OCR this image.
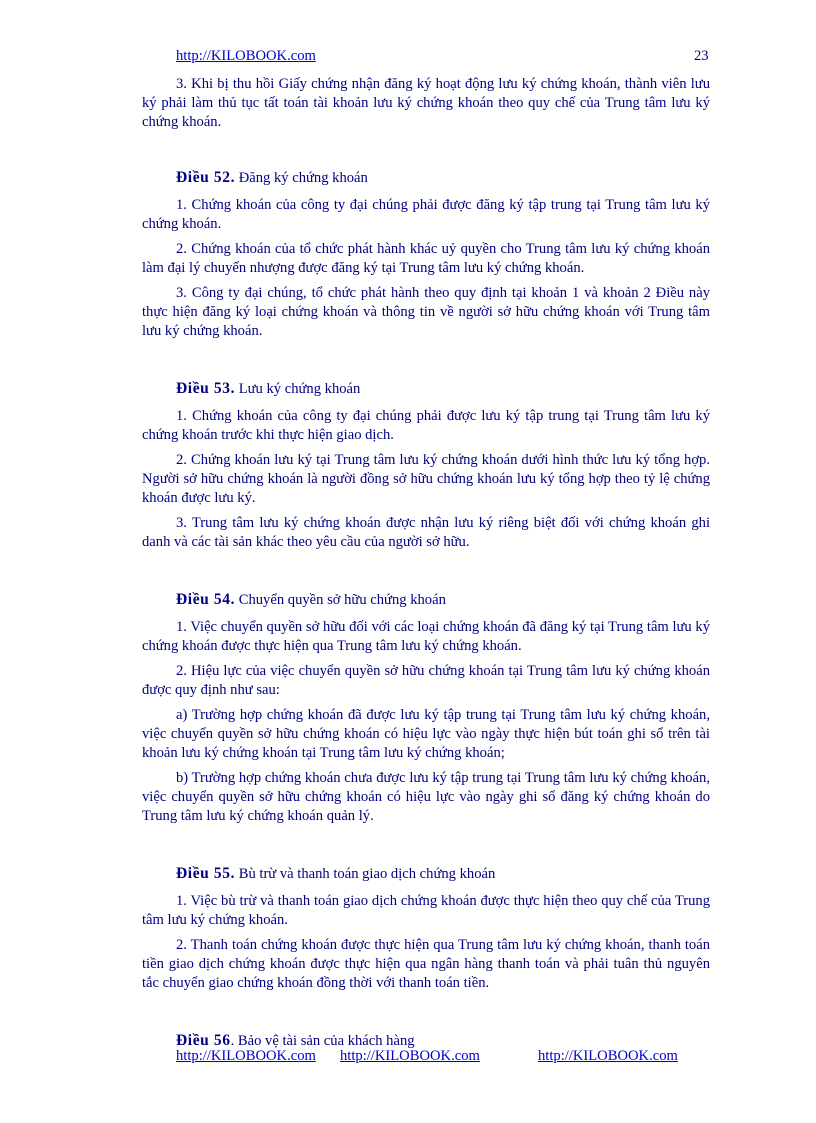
http://KILOBOOK.com	23

3. Khi bị thu hồi Giấy chứng nhận đăng ký hoạt động lưu ký chứng khoán, thành viên lưu ký phải làm thủ tục tất toán tài khoản lưu ký chứng khoán theo quy chế của Trung tâm lưu ký chứng khoán.

Điều 52. Đăng ký chứng khoán

1. Chứng khoán của công ty đại chúng phải được đăng ký tập trung tại Trung tâm lưu ký chứng khoán.

2. Chứng khoán của tổ chức phát hành khác uỷ quyền cho Trung tâm lưu ký chứng khoán làm đại lý chuyển nhượng được đăng ký tại Trung tâm lưu ký chứng khoán.

3. Công ty đại chúng, tổ chức phát hành theo quy định tại khoản 1 và khoản 2 Điều này thực hiện đăng ký loại chứng khoán và thông tin về người sở hữu chứng khoán với Trung tâm lưu ký chứng khoán.

Điều 53. Lưu ký chứng khoán

1. Chứng khoán của công ty đại chúng phải được lưu ký tập trung tại Trung tâm lưu ký chứng khoán trước khi thực hiện giao dịch.

2. Chứng khoán lưu ký tại Trung tâm lưu ký chứng khoán dưới hình thức lưu ký tổng hợp. Người sở hữu chứng khoán là người đồng sở hữu chứng khoán lưu ký tổng hợp theo tỷ lệ chứng khoán được lưu ký.

3. Trung tâm lưu ký chứng khoán được nhận lưu ký riêng biệt đối với chứng khoán ghi danh và các tài sản khác theo yêu cầu của người sở hữu.

Điều 54. Chuyển quyền sở hữu chứng khoán

1. Việc chuyển quyền sở hữu đối với các loại chứng khoán đã đăng ký tại Trung tâm lưu ký chứng khoán được thực hiện qua Trung tâm lưu ký chứng khoán.

2. Hiệu lực của việc chuyển quyền sở hữu chứng khoán tại Trung tâm lưu ký chứng khoán được quy định như sau:

a) Trường hợp chứng khoán đã được lưu ký tập trung tại Trung tâm lưu ký chứng khoán, việc chuyển quyền sở hữu chứng khoán có hiệu lực vào ngày thực hiện bút toán ghi sổ trên tài khoản lưu ký chứng khoán tại Trung tâm lưu ký chứng khoán;

b) Trường hợp chứng khoán chưa được lưu ký tập trung tại Trung tâm lưu ký chứng khoán, việc chuyển quyền sở hữu chứng khoán có hiệu lực vào ngày ghi sổ đăng ký chứng khoán do Trung tâm lưu ký chứng khoán quản lý.

Điều 55. Bù trừ và thanh toán giao dịch chứng khoán

1. Việc bù trừ và thanh toán giao dịch chứng khoán được thực hiện theo quy chế của Trung tâm lưu ký chứng khoán.

2. Thanh toán chứng khoán được thực hiện qua Trung tâm lưu ký chứng khoán, thanh toán tiền giao dịch chứng khoán được thực hiện qua ngân hàng thanh toán và phải tuân thủ nguyên tắc chuyển giao chứng khoán đồng thời với thanh toán tiền.

Điều 56. Bảo vệ tài sản của khách hàng

http://KILOBOOK.com http://KILOBOOK.com	http://KILOBOOK.com
